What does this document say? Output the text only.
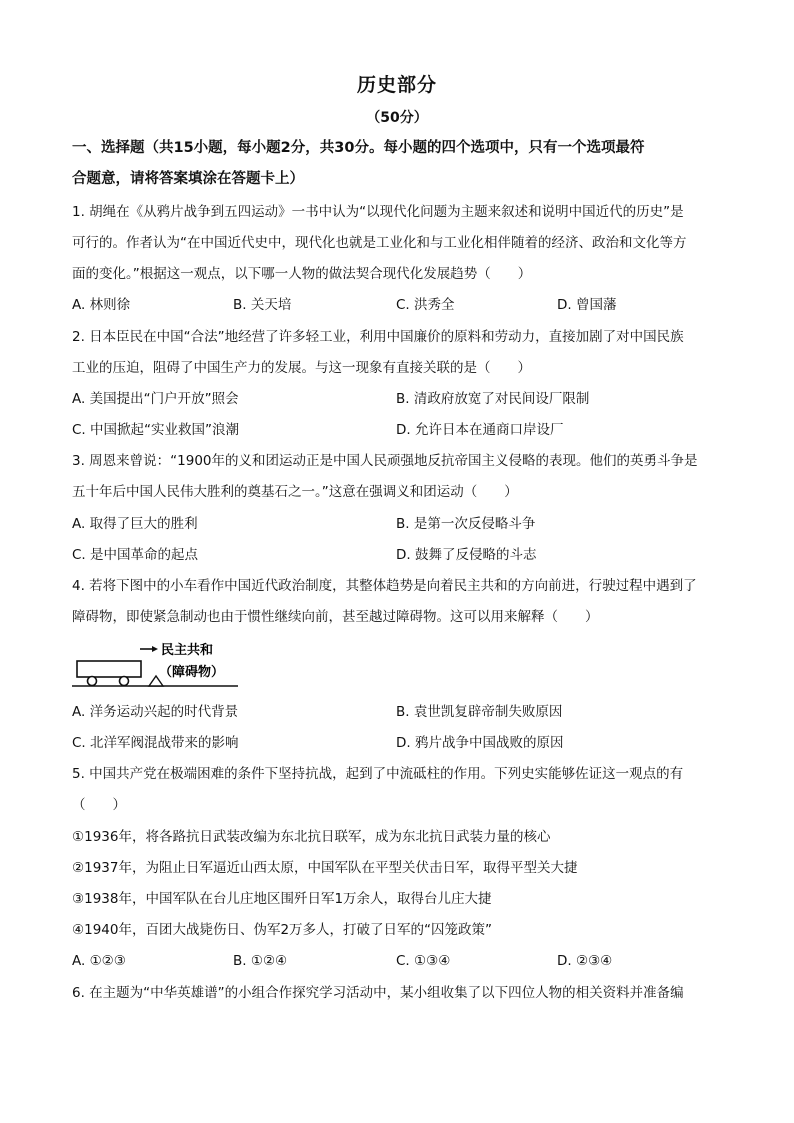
历史部分
（50分）
一、选择题（共15小题，每小题2分，共30分。每小题的四个选项中，只有一个选项最符
合题意，请将答案填涂在答题卡上）
1. 胡绳在《从鸦片战争到五四运动》一书中认为“以现代化问题为主题来叙述和说明中国近代的历史”是
可行的。作者认为“在中国近代史中，现代化也就是工业化和与工业化相伴随着的经济、政治和文化等方
面的变化。”根据这一观点，以下哪一人物的做法契合现代化发展趋势（　　）
A. 林则徐	B. 关天培	C. 洪秀全	D. 曾国藩
2. 日本臣民在中国“合法”地经营了许多轻工业，利用中国廉价的原料和劳动力，直接加剧了对中国民族
工业的压迫，阻碍了中国生产力的发展。与这一现象有直接关联的是（　　）
A. 美国提出“门户开放”照会	B. 清政府放宽了对民间设厂限制
C. 中国掀起“实业救国”浪潮	D. 允许日本在通商口岸设厂
3. 周恩来曾说：“1900年的义和团运动正是中国人民顽强地反抗帝国主义侵略的表现。他们的英勇斗争是
五十年后中国人民伟大胜利的奠基石之一。”这意在强调义和团运动（　　）
A. 取得了巨大的胜利	B. 是第一次反侵略斗争
C. 是中国革命的起点	D. 鼓舞了反侵略的斗志
4. 若将下图中的小车看作中国近代政治制度，其整体趋势是向着民主共和的方向前进，行驶过程中遇到了
障碍物，即使紧急制动也由于惯性继续向前，甚至越过障碍物。这可以用来解释（　　）
民主共和
（障碍物）
A. 洋务运动兴起的时代背景	B. 袁世凯复辟帝制失败原因
C. 北洋军阀混战带来的影响	D. 鸦片战争中国战败的原因
5. 中国共产党在极端困难的条件下坚持抗战，起到了中流砥柱的作用。下列史实能够佐证这一观点的有
（　　）
①1936年，将各路抗日武装改编为东北抗日联军，成为东北抗日武装力量的核心
②1937年，为阻止日军逼近山西太原，中国军队在平型关伏击日军，取得平型关大捷
③1938年，中国军队在台儿庄地区围歼日军1万余人，取得台儿庄大捷
④1940年，百团大战毙伤日、伪军2万多人，打破了日军的“囚笼政策”
A. ①②③	B. ①②④	C. ①③④	D. ②③④
6. 在主题为“中华英雄谱”的小组合作探究学习活动中，某小组收集了以下四位人物的相关资料并准备编
